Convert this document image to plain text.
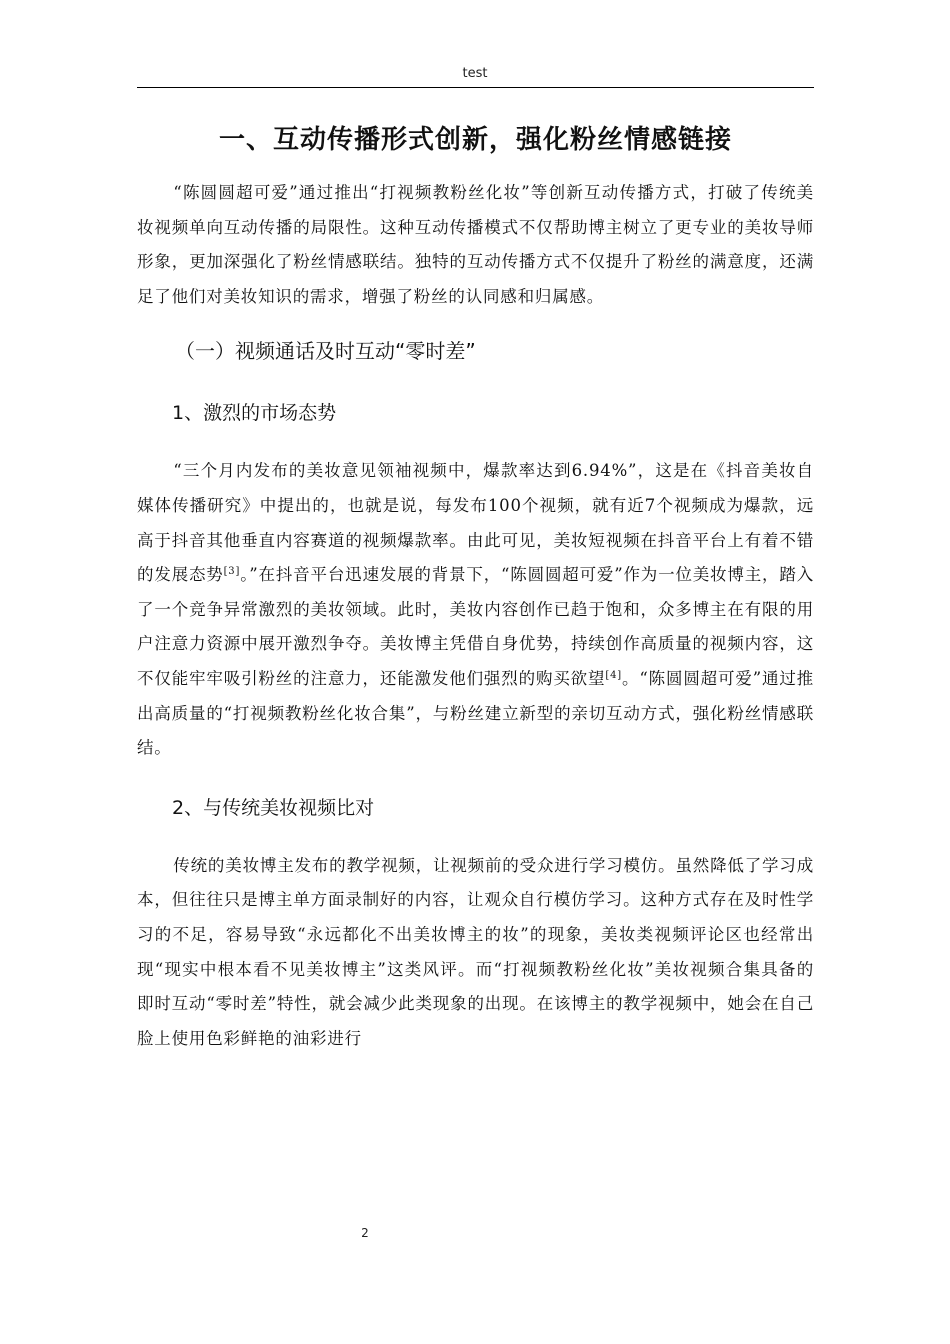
test
一、互动传播形式创新，强化粉丝情感链接

“陈圆圆超可爱”通过推出“打视频教粉丝化妆”等创新互动传播方式，打破了传统美妆视频单向互动传播的局限性。这种互动传播模式不仅帮助博主树立了更专业的美妆导师形象，更加深强化了粉丝情感联结。独特的互动传播方式不仅提升了粉丝的满意度，还满足了他们对美妆知识的需求，增强了粉丝的认同感和归属感。

（一）视频通话及时互动“零时差”
1、激烈的市场态势

“三个月内发布的美妆意见领袖视频中，爆款率达到6.94%”，这是在《抖音美妆自媒体传播研究》中提出的，也就是说，每发布100个视频，就有近7个视频成为爆款，远高于抖音其他垂直内容赛道的视频爆款率。由此可见，美妆短视频在抖音平台上有着不错的发展态势[3]。”在抖音平台迅速发展的背景下，“陈圆圆超可爱”作为一位美妆博主，踏入了一个竞争异常激烈的美妆领域。此时，美妆内容创作已趋于饱和，众多博主在有限的用户注意力资源中展开激烈争夺。美妆博主凭借自身优势，持续创作高质量的视频内容，这不仅能牢牢吸引粉丝的注意力，还能激发他们强烈的购买欲望[4]。“陈圆圆超可爱”通过推出高质量的“打视频教粉丝化妆合集”，与粉丝建立新型的亲切互动方式，强化粉丝情感联结。

2、与传统美妆视频比对

传统的美妆博主发布的教学视频，让视频前的受众进行学习模仿。虽然降低了学习成本，但往往只是博主单方面录制好的内容，让观众自行模仿学习。这种方式存在及时性学习的不足，容易导致“永远都化不出美妆博主的妆”的现象，美妆类视频评论区也经常出现“现实中根本看不见美妆博主”这类风评。而“打视频教粉丝化妆”美妆视频合集具备的即时互动“零时差”特性，就会减少此类现象的出现。在该博主的教学视频中，她会在自己脸上使用色彩鲜艳的油彩进行

2
